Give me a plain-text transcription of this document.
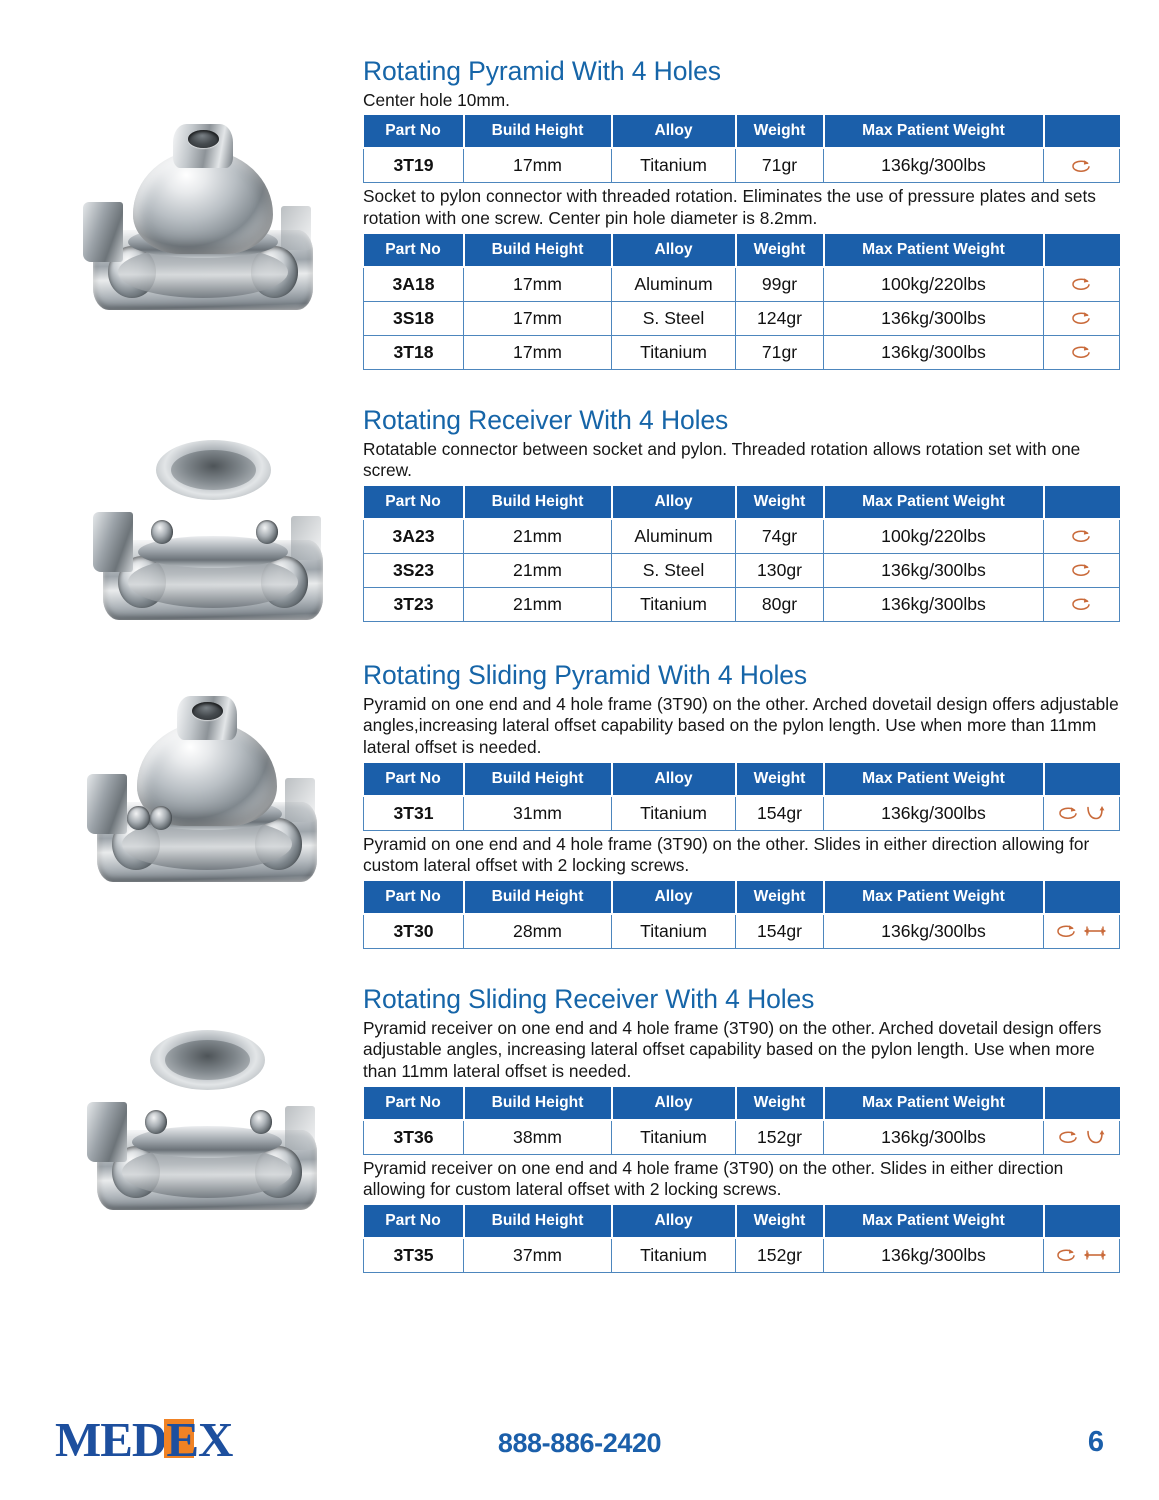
Rotating Pyramid With 4 Holes

Center hole 10mm.

Part No	Build Height	Alloy	Weight	Max Patient Weight	
3T19	17mm	Titanium	71gr	136kg/300lbs	

Socket to pylon connector with threaded rotation. Eliminates the use of pressure plates and sets rotation with one screw. Center pin hole diameter is 8.2mm.

Part No	Build Height	Alloy	Weight	Max Patient Weight	
3A18	17mm	Aluminum	99gr	100kg/220lbs	

3S18	17mm	S. Steel	124gr	136kg/300lbs	

3T18	17mm	Titanium	71gr	136kg/300lbs	
Rotating Receiver With 4 Holes

Rotatable connector between socket and pylon. Threaded rotation allows rotation set with one screw.

Part No	Build Height	Alloy	Weight	Max Patient Weight	
3A23	21mm	Aluminum	74gr	100kg/220lbs	

3S23	21mm	S. Steel	130gr	136kg/300lbs	

3T23	21mm	Titanium	80gr	136kg/300lbs	
Rotating Sliding Pyramid With 4 Holes

Pyramid on one end and 4 hole frame (3T90) on the other. Arched dovetail design offers adjustable angles,increasing lateral offset capability based on the pylon length. Use when more than 11mm lateral offset is needed.

Part No	Build Height	Alloy	Weight	Max Patient Weight	
3T31	31mm	Titanium	154gr	136kg/300lbs	

Pyramid on one end and 4 hole frame (3T90) on the other. Slides in either direction allowing for custom lateral offset with 2 locking screws.

Part No	Build Height	Alloy	Weight	Max Patient Weight	
3T30	28mm	Titanium	154gr	136kg/300lbs	
Rotating Sliding Receiver With 4 Holes

Pyramid receiver on one end and 4 hole frame (3T90) on the other. Arched dovetail design offers adjustable angles, increasing lateral offset capability based on the pylon length. Use when more than 11mm lateral offset is needed.

Part No	Build Height	Alloy	Weight	Max Patient Weight	
3T36	38mm	Titanium	152gr	136kg/300lbs	

Pyramid receiver on one end and 4 hole frame (3T90) on the other. Slides in either direction allowing for custom lateral offset with 2 locking screws.

Part No	Build Height	Alloy	Weight	Max Patient Weight	
3T35	37mm	Titanium	152gr	136kg/300lbs	
MEDEX	888-886-2420	6
